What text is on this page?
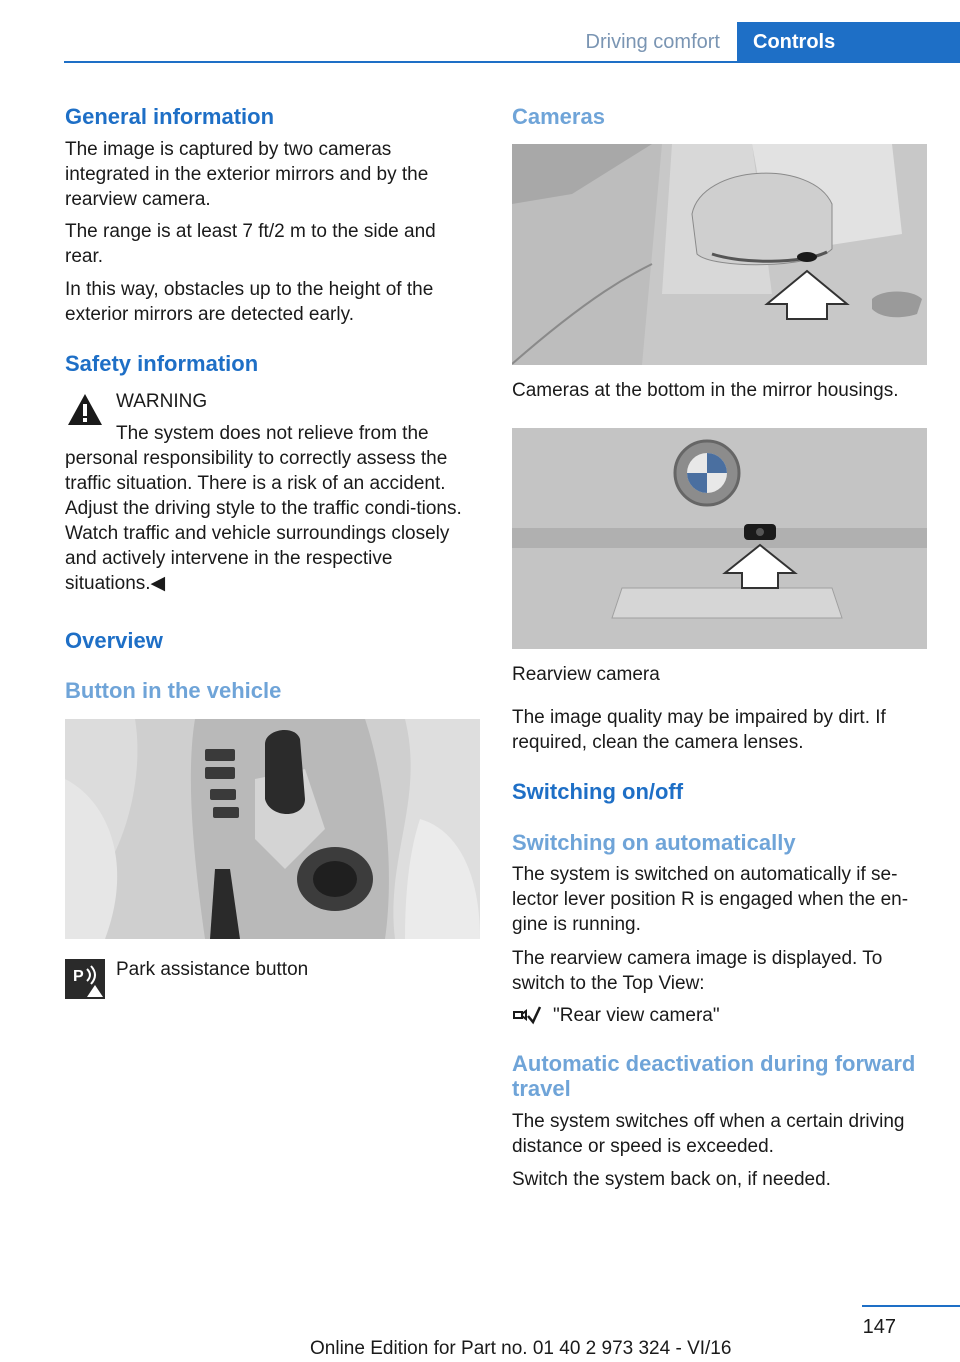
Driving comfort	Controls
General information

The image is captured by two cameras integrated in the exterior mirrors and by the rearview camera.

The range is at least 7 ft/2 m to the side and rear.

In this way, obstacles up to the height of the exterior mirrors are detected early.

Safety information

WARNING

The system does not relieve from the personal responsibility to correctly assess the traffic situation. There is a risk of an accident. Adjust the driving style to the traffic condi‐tions. Watch traffic and vehicle surroundings closely and actively intervene in the respective situations.◀
Overview
Button in the vehicle
P Park assistance button

Cameras

Cameras at the bottom in the mirror housings.

Rearview camera

The image quality may be impaired by dirt. If required, clean the camera lenses.

Switching on/off
Switching on automatically

The system is switched on automatically if se‐lector lever position R is engaged when the en‐gine is running.

The rearview camera image is displayed. To switch to the Top View:

"Rear view camera"

Automatic deactivation during forward travel

The system switches off when a certain driving distance or speed is exceeded.

Switch the system back on, if needed.

147
Online Edition for Part no. 01 40 2 973 324 - VI/16
